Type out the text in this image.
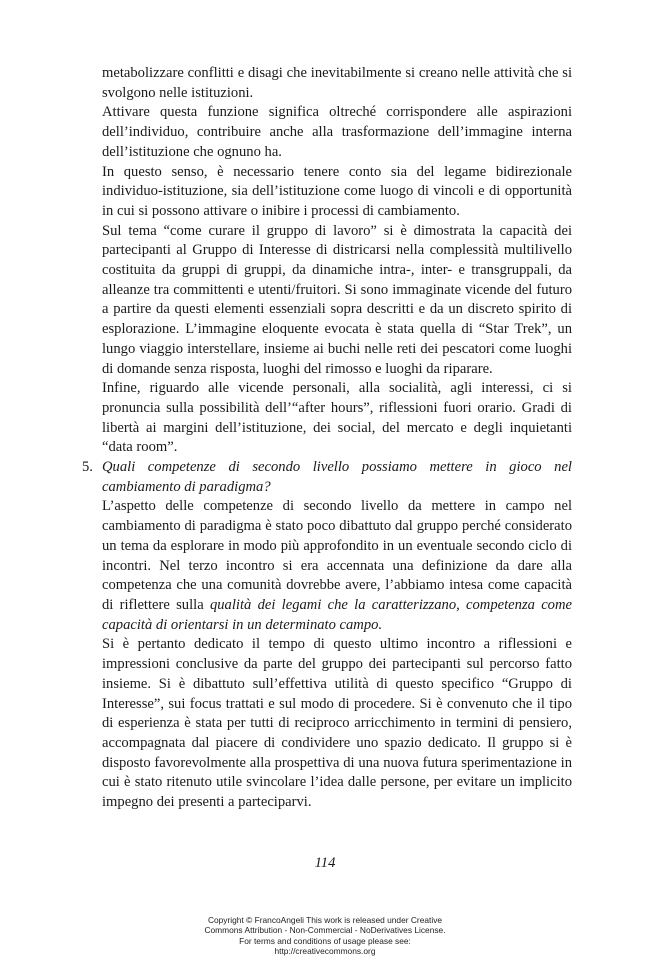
metabolizzare conflitti e disagi che inevitabilmente si creano nelle attività che si svolgono nelle istituzioni.

Attivare questa funzione significa oltreché corrispondere alle aspirazioni dell’individuo, contribuire anche alla trasformazione dell’immagine interna dell’istituzione che ognuno ha.

In questo senso, è necessario tenere conto sia del legame bidirezionale individuo-istituzione, sia dell’istituzione come luogo di vincoli e di opportunità in cui si possono attivare o inibire i processi di cambiamento.

Sul tema “come curare il gruppo di lavoro” si è dimostrata la capacità dei partecipanti al Gruppo di Interesse di districarsi nella complessità multilivello costituita da gruppi di gruppi, da dinamiche intra-, inter- e transgruppali, da alleanze tra committenti e utenti/fruitori. Si sono immaginate vicende del futuro a partire da questi elementi essenziali sopra descritti e da un discreto spirito di esplorazione. L’immagine eloquente evocata è stata quella di “Star Trek”, un lungo viaggio interstellare, insieme ai buchi nelle reti dei pescatori come luoghi di domande senza risposta, luoghi del rimosso e luoghi da riparare.

Infine, riguardo alle vicende personali, alla socialità, agli interessi, ci si pronuncia sulla possibilità dell’“after hours”, riflessioni fuori orario. Gradi di libertà ai margini dell’istituzione, dei social, del mercato e degli inquietanti “data room”.

5. Quali competenze di secondo livello possiamo mettere in gioco nel cambiamento di paradigma?

L’aspetto delle competenze di secondo livello da mettere in campo nel cambiamento di paradigma è stato poco dibattuto dal gruppo perché considerato un tema da esplorare in modo più approfondito in un eventuale secondo ciclo di incontri. Nel terzo incontro si era accennata una definizione da dare alla competenza che una comunità dovrebbe avere, l’abbiamo intesa come capacità di riflettere sulla qualità dei legami che la caratterizzano, competenza come capacità di orientarsi in un determinato campo.

Si è pertanto dedicato il tempo di questo ultimo incontro a riflessioni e impressioni conclusive da parte del gruppo dei partecipanti sul percorso fatto insieme. Si è dibattuto sull’effettiva utilità di questo specifico “Gruppo di Interesse”, sui focus trattati e sul modo di procedere. Si è convenuto che il tipo di esperienza è stata per tutti di reciproco arricchimento in termini di pensiero, accompagnata dal piacere di condividere uno spazio dedicato. Il gruppo si è disposto favorevolmente alla prospettiva di una nuova futura sperimentazione in cui è stato ritenuto utile svincolare l’idea dalle persone, per evitare un implicito impegno dei presenti a parteciparvi.

114
Copyright © FrancoAngeli This work is released under Creative
Commons Attribution - Non-Commercial - NoDerivatives License.
For terms and conditions of usage please see:
http://creativecommons.org
